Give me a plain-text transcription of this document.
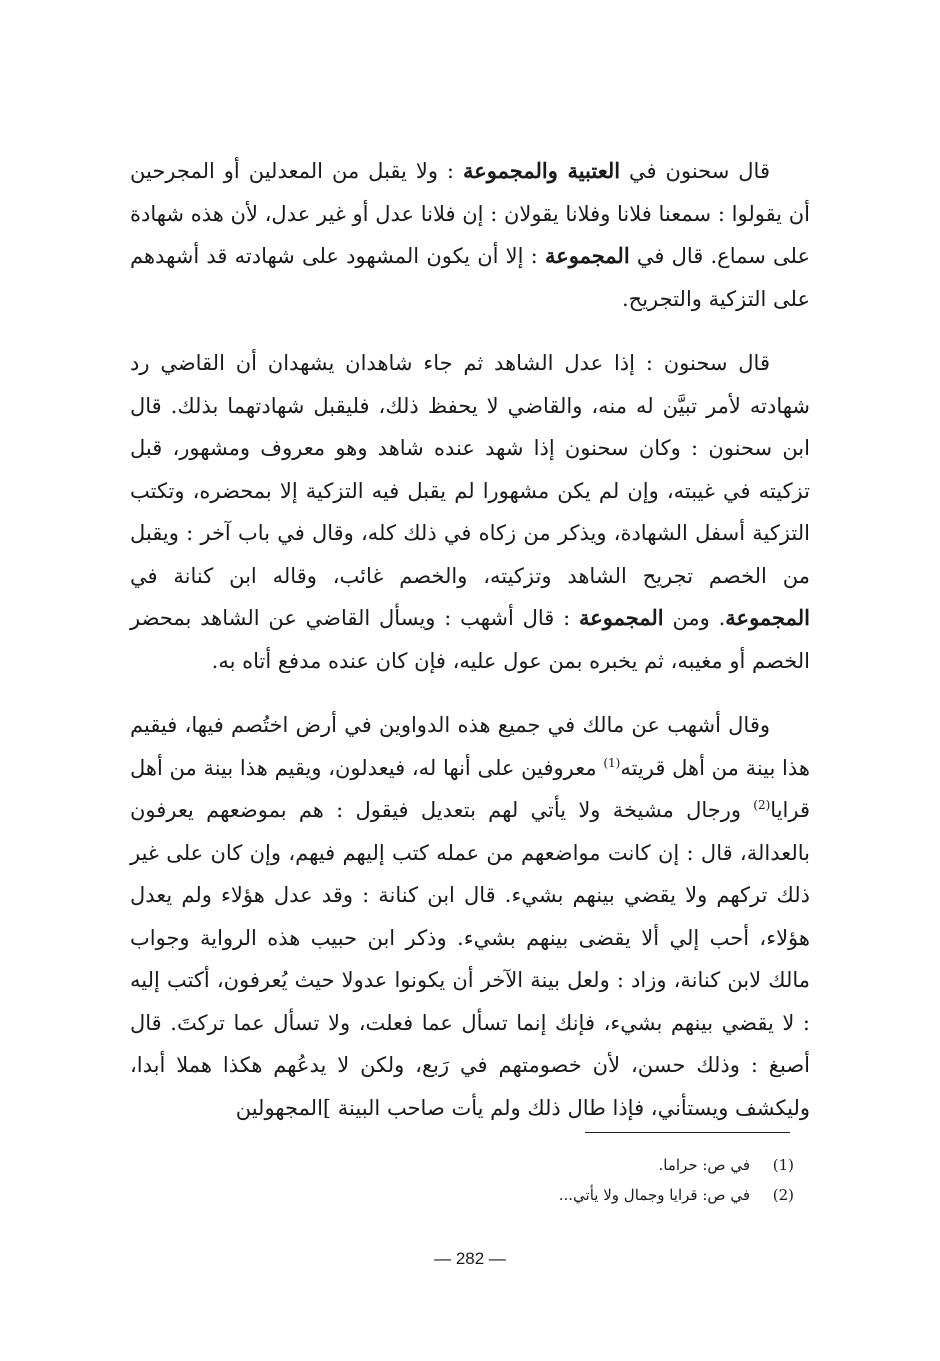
قال سحنون في العتبية والمجموعة : ولا يقبل من المعدلين أو المجرحين أن يقولوا : سمعنا فلانا وفلانا يقولان : إن فلانا عدل أو غير عدل، لأن هذه شهادة على سماع. قال في المجموعة : إلا أن يكون المشهود على شهادته قد أشهدهم على التزكية والتجريح.

قال سحنون : إذا عدل الشاهد ثم جاء شاهدان يشهدان أن القاضي رد شهادته لأمر تبيَّن له منه، والقاضي لا يحفظ ذلك، فليقبل شهادتهما بذلك. قال ابن سحنون : وكان سحنون إذا شهد عنده شاهد وهو معروف ومشهور، قبل تزكيته في غيبته، وإن لم يكن مشهورا لم يقبل فيه التزكية إلا بمحضره، وتكتب التزكية أسفل الشهادة، ويذكر من زكاه في ذلك كله، وقال في باب آخر : ويقبل من الخصم تجريح الشاهد وتزكيته، والخصم غائب، وقاله ابن كنانة في المجموعة. ومن المجموعة : قال أشهب : ويسأل القاضي عن الشاهد بمحضر الخصم أو مغيبه، ثم يخبره بمن عول عليه، فإن كان عنده مدفع أتاه به.

وقال أشهب عن مالك في جميع هذه الدواوين في أرض اختُصم فيها، فيقيم هذا بينة من أهل قريته$^{(1)}$ معروفين على أنها له، فيعدلون، ويقيم هذا بينة من أهل قرايا$^{(2)}$ ورجال مشيخة ولا يأتي لهم بتعديل فيقول : هم بموضعهم يعرفون بالعدالة، قال : إن كانت مواضعهم من عمله كتب إليهم فيهم، وإن كان على غير ذلك تركهم ولا يقضي بينهم بشيء. قال ابن كنانة : وقد عدل هؤلاء ولم يعدل هؤلاء، أحب إلي ألا يقضى بينهم بشيء. وذكر ابن حبيب هذه الرواية وجواب مالك لابن كنانة، وزاد : ولعل بينة الآخر أن يكونوا عدولا حيث يُعرفون، أكتب إليه : لا يقضي بينهم بشيء، فإنك إنما تسأل عما فعلت، ولا تسأل عما تركتَ. قال أصبغ : وذلك حسن، لأن خصومتهم في رَبع، ولكن لا يدعُهم هكذا هملا أبدا، وليكشف ويستأني، فإذا طال ذلك ولم يأت صاحب البينة ]المجهولين

(1)
في ص: حراما.
(2)
في ص: قرايا وجمال ولا يأتي...
— 282 —
